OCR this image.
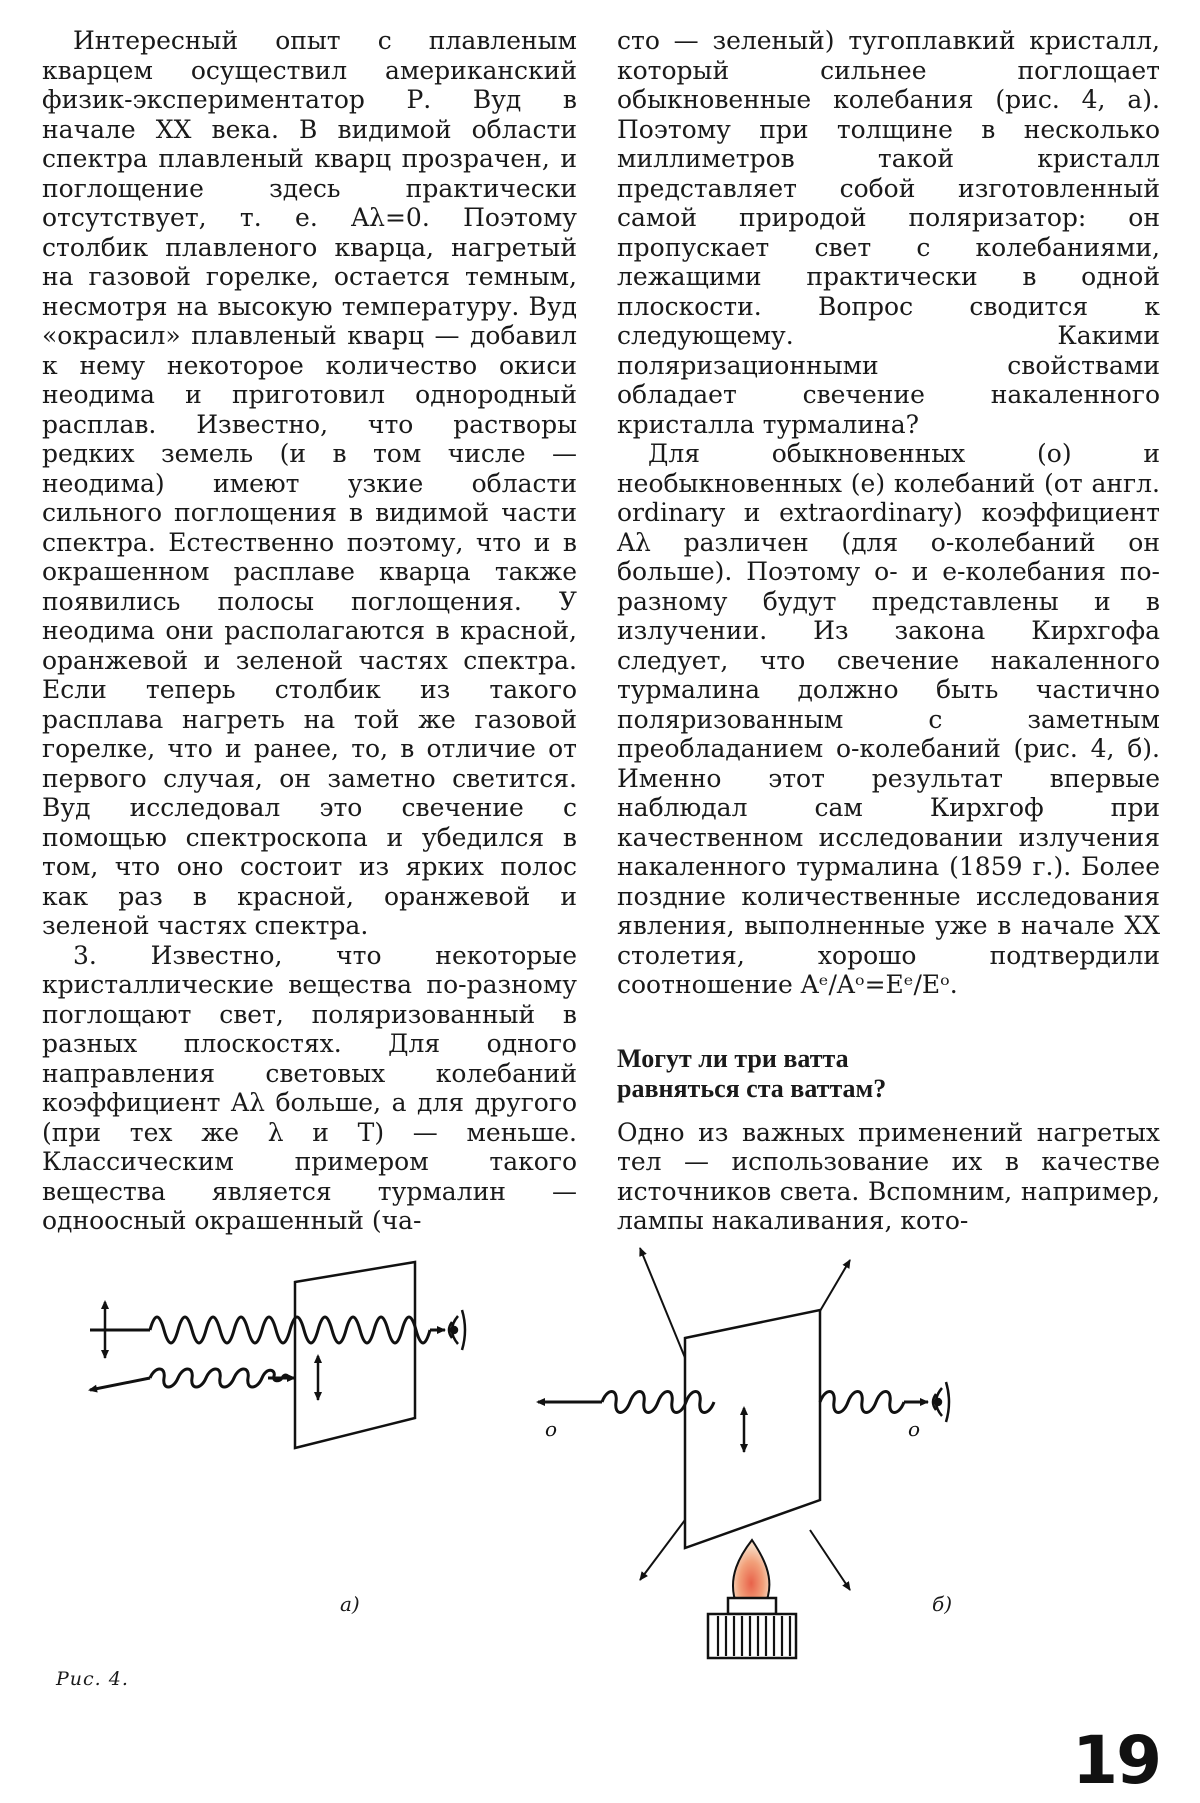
Интересный опыт с плавленым кварцем осуществил американский физик-экспериментатор Р. Вуд в начале XX века. В видимой области спектра плавленый кварц прозрачен, и поглощение здесь практически отсутствует, т. е. Aλ=0. Поэтому столбик плавленого кварца, нагретый на газовой горелке, остается темным, несмотря на высокую температуру. Вуд «окрасил» плавленый кварц — добавил к нему некоторое количество окиси неодима и приготовил однородный расплав. Известно, что растворы редких земель (и в том числе — неодима) имеют узкие области сильного поглощения в видимой части спектра. Естественно поэтому, что и в окрашенном расплаве кварца также появились полосы поглощения. У неодима они располагаются в красной, оранжевой и зеленой частях спектра. Если теперь столбик из такого расплава нагреть на той же газовой горелке, что и ранее, то, в отличие от первого случая, он заметно светится. Вуд исследовал это свечение с помощью спектроскопа и убедился в том, что оно состоит из ярких полос как раз в красной, оранжевой и зеленой частях спектра.

3. Известно, что некоторые кристаллические вещества по-разному поглощают свет, поляризованный в разных плоскостях. Для одного направления световых колебаний коэффициент Aλ больше, а для другого (при тех же λ и T) — меньше. Классическим примером такого вещества является турмалин — одноосный окрашенный (ча-

сто — зеленый) тугоплавкий кристалл, который сильнее поглощает обыкновенные колебания (рис. 4, а). Поэтому при толщине в несколько миллиметров такой кристалл представляет собой изготовленный самой природой поляризатор: он пропускает свет с колебаниями, лежащими практически в одной плоскости. Вопрос сводится к следующему. Какими поляризационными свойствами обладает свечение накаленного кристалла турмалина?

Для обыкновенных (о) и необыкновенных (е) колебаний (от англ. ordinary и extraordinary) коэффициент Aλ различен (для о-колебаний он больше). Поэтому о- и е-колебания по-разному будут представлены и в излучении. Из закона Кирхгофа следует, что свечение накаленного турмалина должно быть частично поляризованным с заметным преобладанием о-колебаний (рис. 4, б). Именно этот результат впервые наблюдал сам Кирхгоф при качественном исследовании излучения накаленного турмалина (1859 г.). Более поздние количественные исследования явления, выполненные уже в начале XX столетия, хорошо подтвердили соотношение Aᵉ/Aᵒ=Eᵉ/Eᵒ.

Могут ли три ватта
равняться ста ваттам?

Одно из важных применений нагретых тел — использование их в качестве источников света. Вспомним, например, лампы накаливания, кото-

o	o
а)	б)
Рис. 4.
19
